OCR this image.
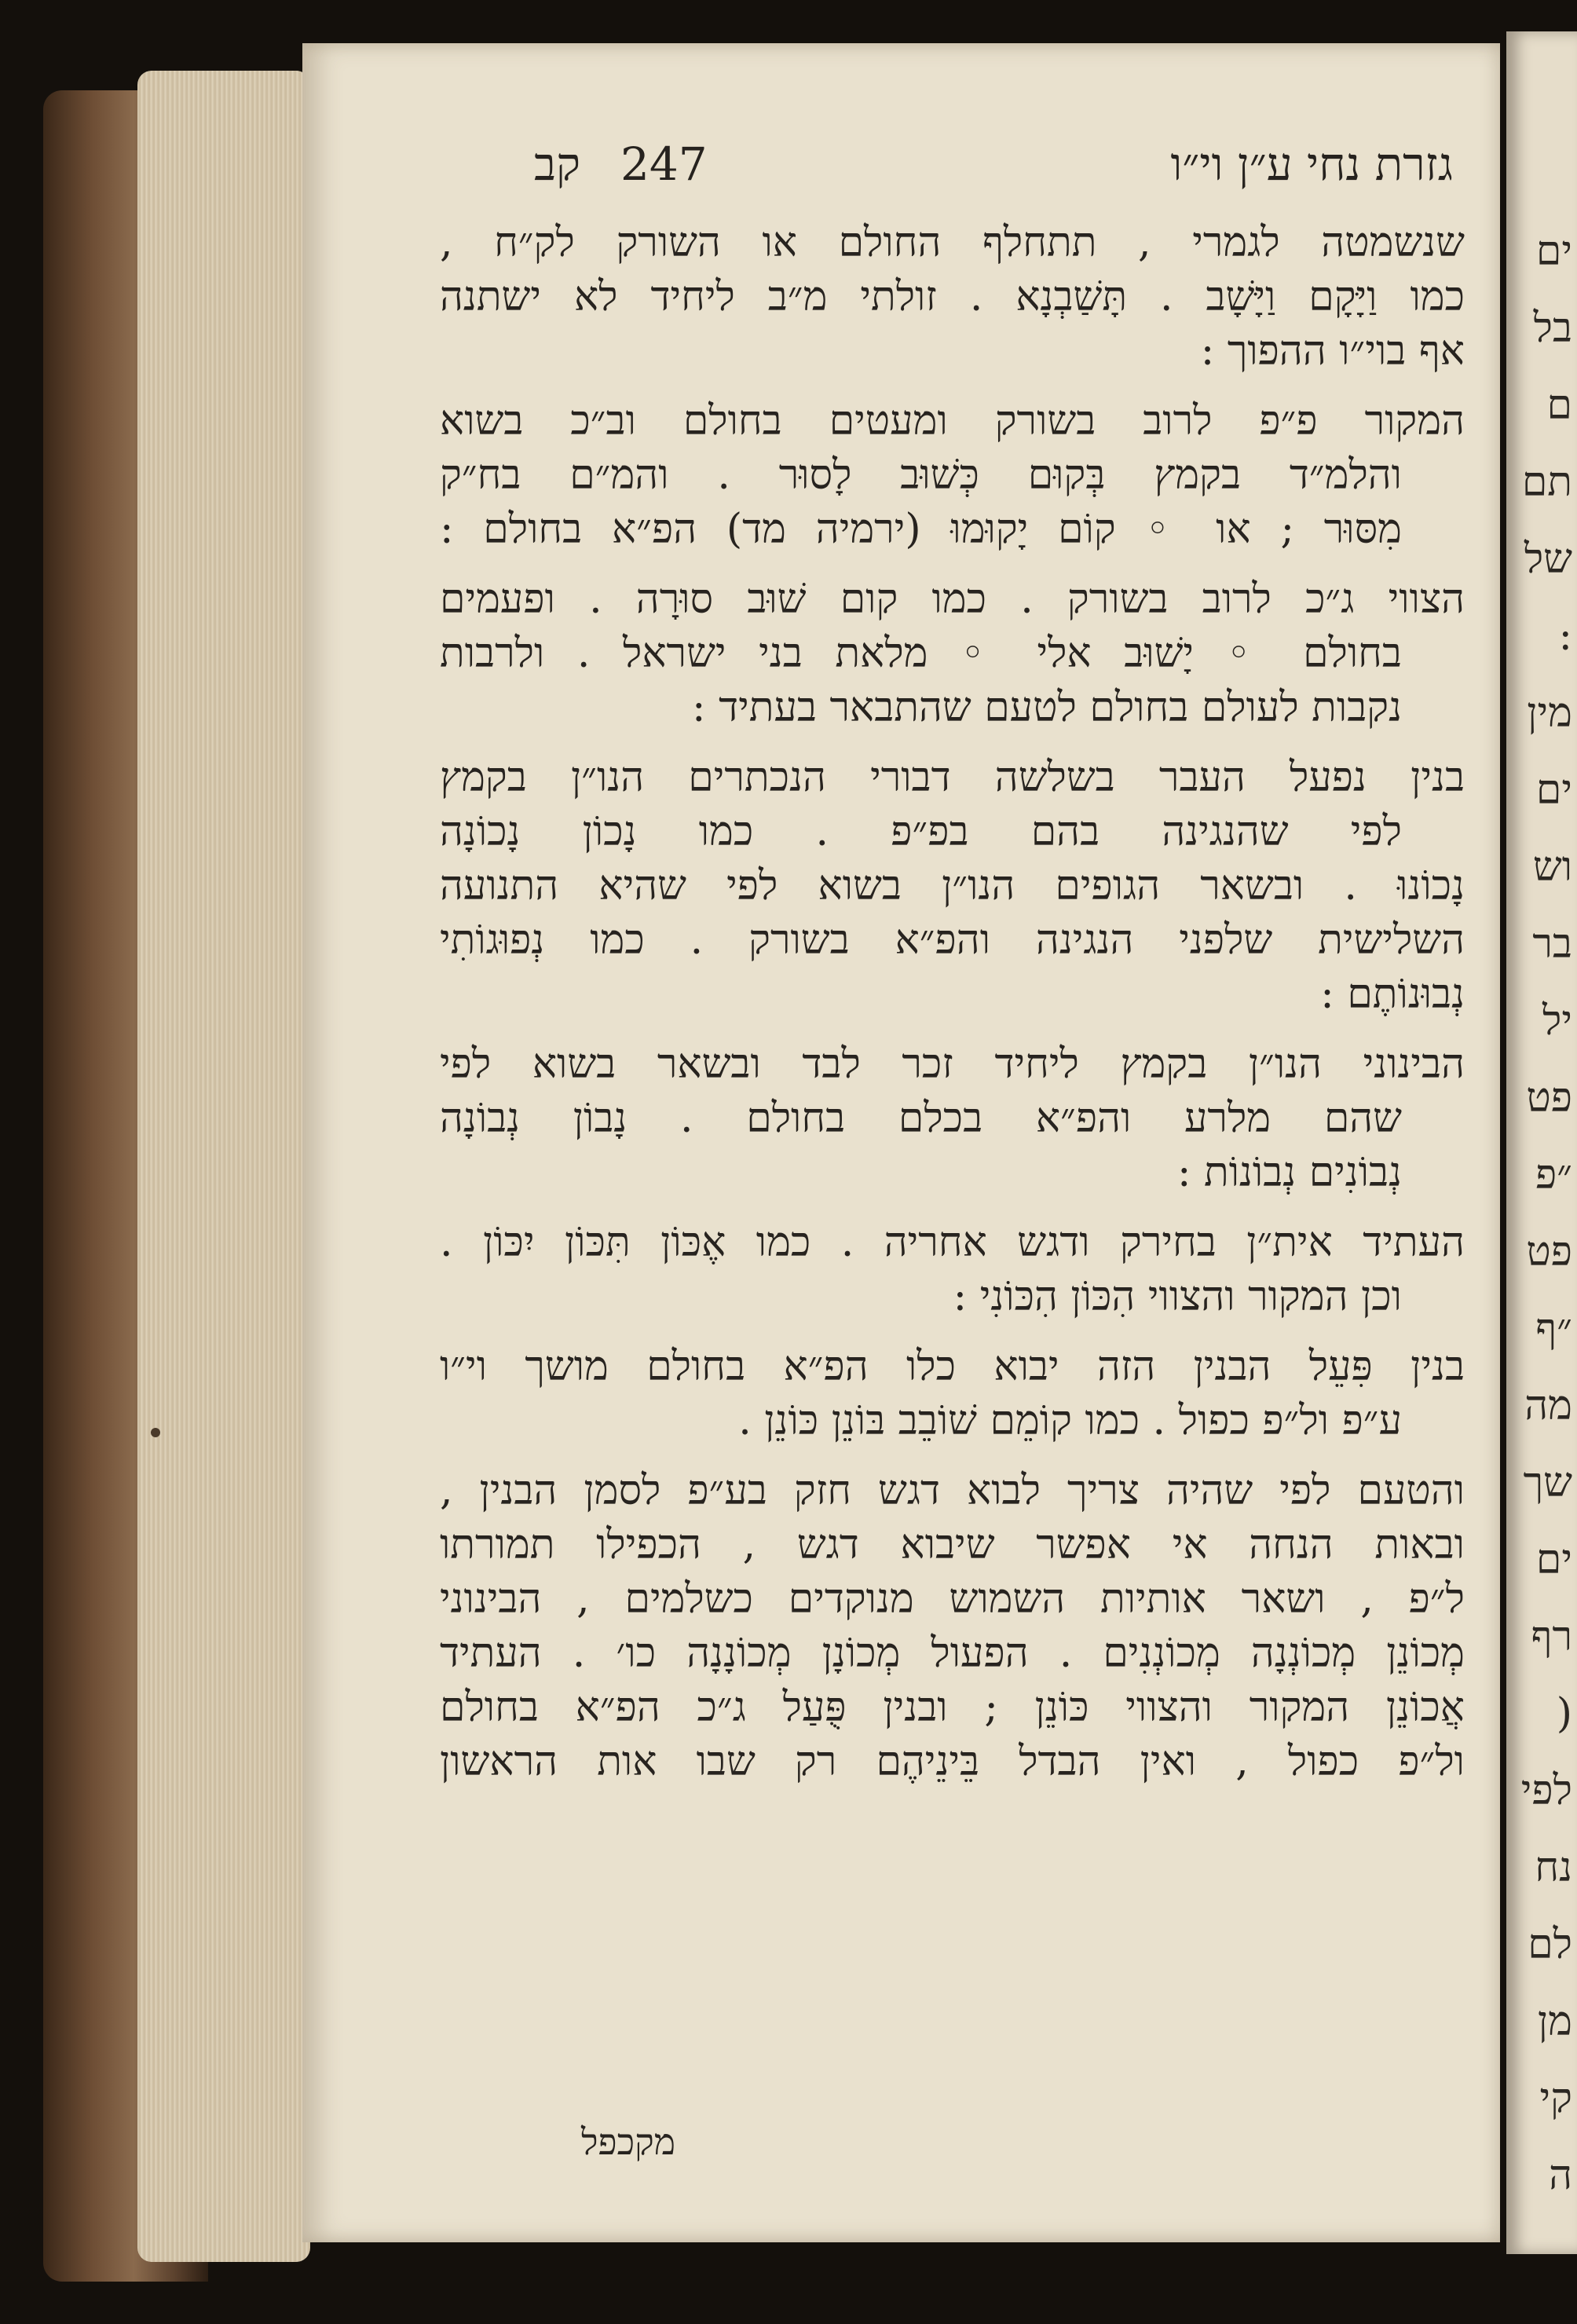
ים
בל
ם
תם
של
:
מין
ים
וש
בר
יל
פט
״פ
פט
״ף
מה
שך
ים
רף
)
לפי
נח
לם
מן
קי
ה
גזרת נחי ע״ן וי״ו
247
קב
שנשמטה לגמרי , תתחלף החולם או השורק לק״ח ,
כמו וַיָּקָם וַיָּשָׁב . תָּשַׁבְנָא . זולתי מ״ב ליחיד לא ישתנה
אף בוי״ו ההפוך :
המקור פ״פ לרוב בשורק ומעטים בחולם וב״כ בשוא
והלמ״ד בקמץ בְּקוּם כְּשׁוּב לָסוּר . והמ״ם בח״ק
מִסּוּר ; או ◦ קוֹם יָקוּמוּ (ירמיה מד) הפ״א בחולם :
הצווי ג״כ לרוב בשורק . כמו קום שׁוּב סוּרָה . ופעמים
בחולם ◦ יָשׁוּב אלי ◦ מלאת בני ישראל . ולרבות
נקבות לעולם בחולם לטעם שהתבאר בעתיד :
בנין נפעל העבר בשלשה דבורי הנכתרים הנו״ן בקמץ
לפי שהנגינה בהם בפ״פ . כמו נָכוֹן נָכוֹנָה
נָכוֹנוּ . ובשאר הגופים הנו״ן בשוא לפי שהיא התנועה
השלישית שלפני הנגינה והפ״א בשורק . כמו נְפוּגוֹתִי
נְבוּנוֹתֶם :
הבינוני הנו״ן בקמץ ליחיד זכר לבד ובשאר בשוא לפי
שהם מלרע והפ״א בכלם בחולם . נָבוֹן נְבוֹנָה
נְבוֹנִים נְבוֹנוֹת :
העתיד אית״ן בחירק ודגש אחריה . כמו אֶכּוֹן תִּכּוֹן יִכּוֹן .
וכן המקור והצווי הִכּוֹן הִכּוֹנִי :
בנין פִּעֵל הבנין הזה יבוא כלו הפ״א בחולם מושך וי״ו
ע״פ ול״פ כפול . כמו קוֹמֵם שׁוֹבֵב בּוֹנֵן כּוֹנֵן .
והטעם לפי שהיה צריך לבוא דגש חזק בע״פ לסמן הבנין ,
ובאות הנחה אי אפשר שיבוא דגש , הכפילו תמורתו
ל״פ , ושאר אותיות השמוש מנוקדים כשלמים , הבינוני
מְכוֹנֵן מְכוֹנְנָה מְכוֹנְנִים . הפעול מְכוֹנָן מְכוֹנָנָה כו׳ . העתיד
אֲכוֹנֵן המקור והצווי כּוֹנֵן ; ובנין פֻּעַל ג״כ הפ״א בחולם
ול״פ כפול , ואין הבדל בֵּינֵיהֶם רק שבו אות הראשון
מקכפל
